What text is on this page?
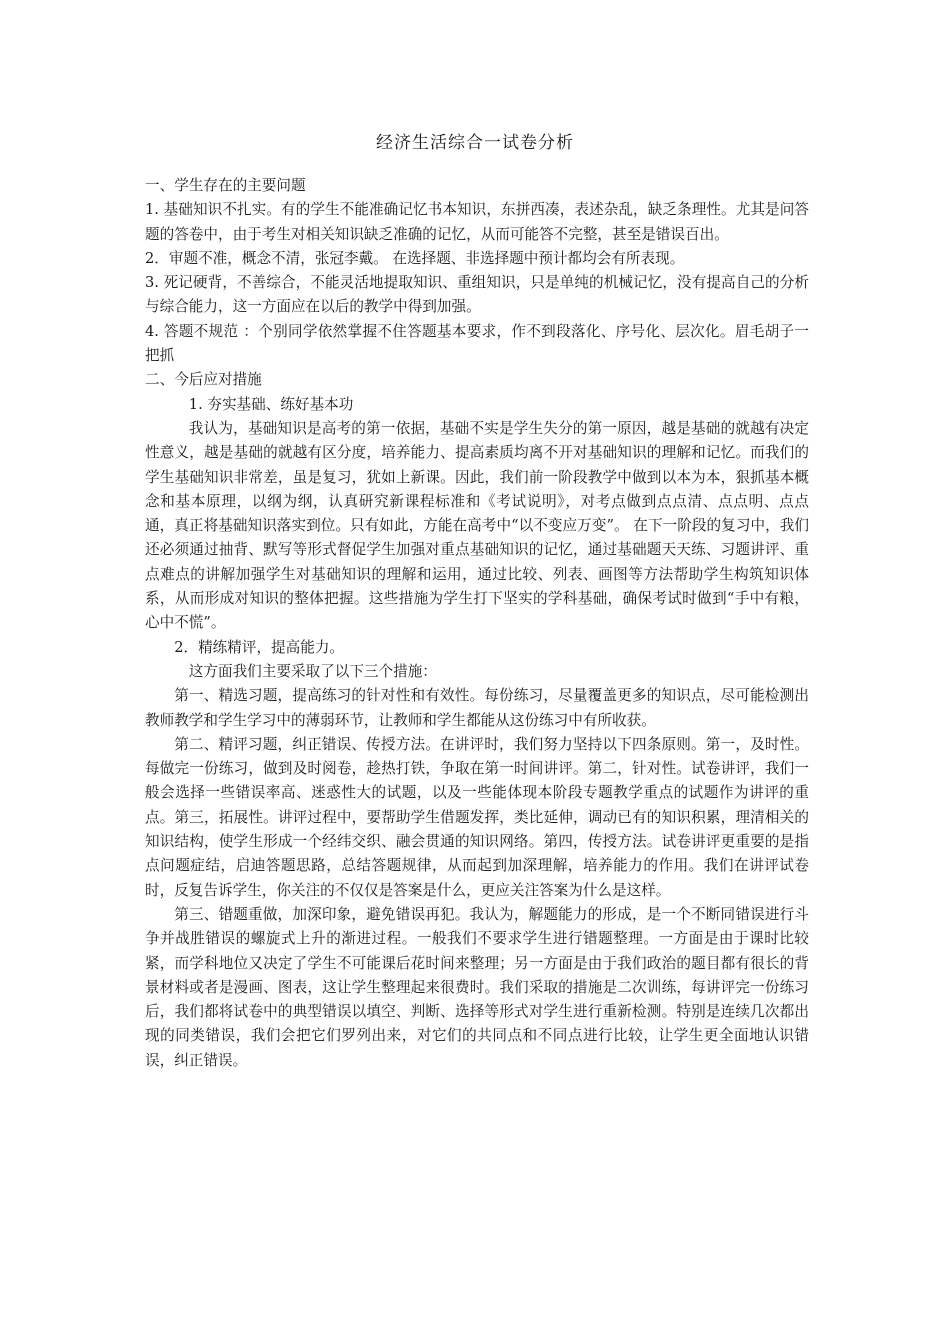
经济生活综合一试卷分析

一、学生存在的主要问题

1. 基础知识不扎实。有的学生不能准确记忆书本知识，东拼西凑，表述杂乱，缺乏条理性。尤其是问答题的答卷中，由于考生对相关知识缺乏准确的记忆，从而可能答不完整，甚至是错误百出。

2．审题不准，概念不清，张冠李戴。 在选择题、非选择题中预计都均会有所表现。

3. 死记硬背，不善综合，不能灵活地提取知识、重组知识，只是单纯的机械记忆，没有提高自己的分析与综合能力，这一方面应在以后的教学中得到加强。

4. 答题不规范 ：个别同学依然掌握不住答题基本要求，作不到段落化、序号化、层次化。眉毛胡子一把抓

二、今后应对措施

1. 夯实基础、练好基本功

我认为，基础知识是高考的第一依据，基础不实是学生失分的第一原因，越是基础的就越有决定性意义，越是基础的就越有区分度，培养能力、提高素质均离不开对基础知识的理解和记忆。而我们的学生基础知识非常差，虽是复习，犹如上新课。因此，我们前一阶段教学中做到以本为本，狠抓基本概念和基本原理，以纲为纲，认真研究新课程标准和《考试说明》，对考点做到点点清、点点明、点点通，真正将基础知识落实到位。只有如此，方能在高考中“以不变应万变”。 在下一阶段的复习中，我们还必须通过抽背、默写等形式督促学生加强对重点基础知识的记忆，通过基础题天天练、习题讲评、重点难点的讲解加强学生对基础知识的理解和运用，通过比较、列表、画图等方法帮助学生构筑知识体系，从而形成对知识的整体把握。这些措施为学生打下坚实的学科基础，确保考试时做到“手中有粮，心中不慌”。

2．精练精评，提高能力。

这方面我们主要采取了以下三个措施：

第一、精选习题，提高练习的针对性和有效性。每份练习，尽量覆盖更多的知识点，尽可能检测出教师教学和学生学习中的薄弱环节，让教师和学生都能从这份练习中有所收获。

第二、精评习题，纠正错误、传授方法。在讲评时，我们努力坚持以下四条原则。第一，及时性。每做完一份练习，做到及时阅卷，趁热打铁，争取在第一时间讲评。第二，针对性。试卷讲评，我们一般会选择一些错误率高、迷惑性大的试题，以及一些能体现本阶段专题教学重点的试题作为讲评的重点。第三，拓展性。讲评过程中，要帮助学生借题发挥，类比延伸，调动已有的知识积累，理清相关的知识结构，使学生形成一个经纬交织、融会贯通的知识网络。第四，传授方法。试卷讲评更重要的是指点问题症结，启迪答题思路，总结答题规律，从而起到加深理解，培养能力的作用。我们在讲评试卷时，反复告诉学生，你关注的不仅仅是答案是什么，更应关注答案为什么是这样。

第三、错题重做，加深印象，避免错误再犯。我认为，解题能力的形成，是一个不断同错误进行斗争并战胜错误的螺旋式上升的渐进过程。一般我们不要求学生进行错题整理。一方面是由于课时比较紧，而学科地位又决定了学生不可能课后花时间来整理；另一方面是由于我们政治的题目都有很长的背景材料或者是漫画、图表，这让学生整理起来很费时。我们采取的措施是二次训练，每讲评完一份练习后，我们都将试卷中的典型错误以填空、判断、选择等形式对学生进行重新检测。特别是连续几次都出现的同类错误，我们会把它们罗列出来，对它们的共同点和不同点进行比较，让学生更全面地认识错误，纠正错误。
